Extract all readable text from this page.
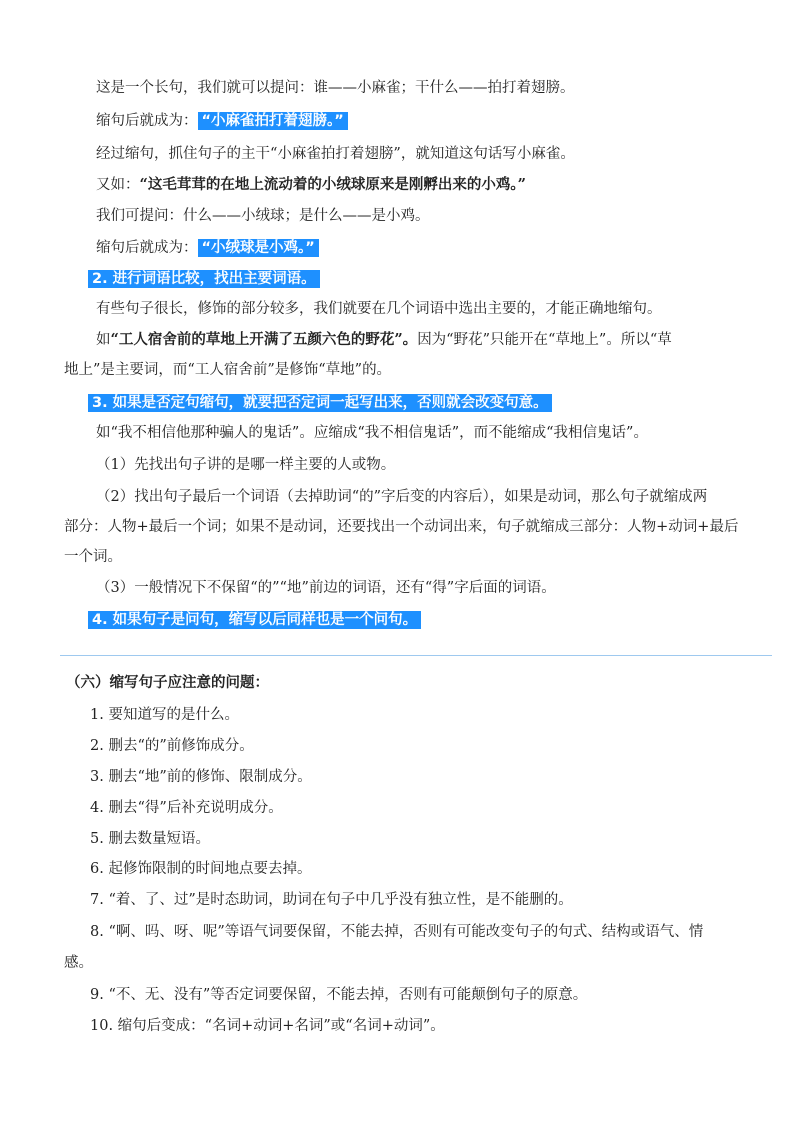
这是一个长句，我们就可以提问：谁——小麻雀；干什么——拍打着翅膀。
缩句后就成为： “小麻雀拍打着翅膀。”
经过缩句，抓住句子的主干“小麻雀拍打着翅膀”，就知道这句话写小麻雀。
又如：“这毛茸茸的在地上流动着的小绒球原来是刚孵出来的小鸡。”
我们可提问：什么——小绒球；是什么——是小鸡。
缩句后就成为： “小绒球是小鸡。”
2. 进行词语比较，找出主要词语。
有些句子很长，修饰的部分较多，我们就要在几个词语中选出主要的，才能正确地缩句。
如“工人宿舍前的草地上开满了五颜六色的野花”。因为“野花”只能开在“草地上”。所以“草
地上”是主要词，而“工人宿舍前”是修饰“草地”的。
3. 如果是否定句缩句，就要把否定词一起写出来，否则就会改变句意。
如“我不相信他那种骗人的鬼话”。应缩成“我不相信鬼话”，而不能缩成“我相信鬼话”。
（1）先找出句子讲的是哪一样主要的人或物。
（2）找出句子最后一个词语（去掉助词“的”字后变的内容后），如果是动词，那么句子就缩成两
部分：人物+最后一个词；如果不是动词，还要找出一个动词出来，句子就缩成三部分：人物+动词+最后
一个词。
（3）一般情况下不保留“的”“地”前边的词语，还有“得”字后面的词语。
4. 如果句子是问句，缩写以后同样也是一个问句。
（六）缩写句子应注意的问题：
1. 要知道写的是什么。
2. 删去“的”前修饰成分。
3. 删去“地”前的修饰、限制成分。
4. 删去“得”后补充说明成分。
5. 删去数量短语。
6. 起修饰限制的时间地点要去掉。
7. “着、了、过”是时态助词，助词在句子中几乎没有独立性，是不能删的。
8. “啊、吗、呀、呢”等语气词要保留，不能去掉，否则有可能改变句子的句式、结构或语气、情
感。
9. “不、无、没有”等否定词要保留，不能去掉，否则有可能颠倒句子的原意。
10. 缩句后变成：“名词+动词+名词”或“名词+动词”。
